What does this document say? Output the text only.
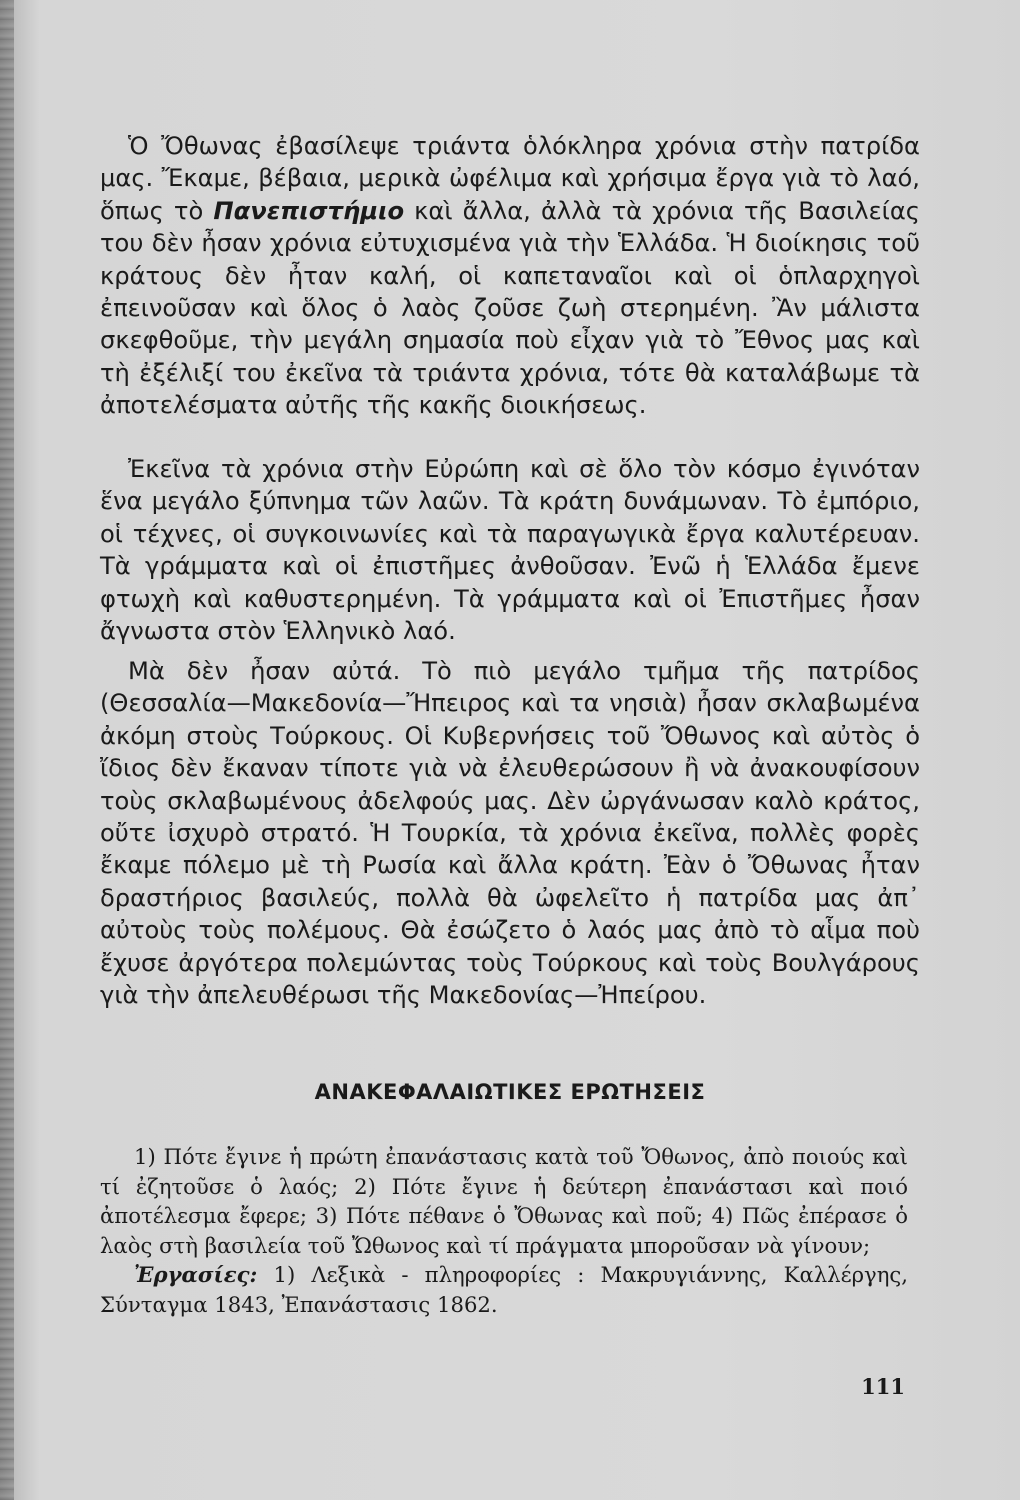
Ὁ Ὄθωνας ἐβασίλεψε τριάντα ὁλόκληρα χρόνια στὴν πατρίδα μας. Ἔκαμε, βέβαια, μερικὰ ὠφέλιμα καὶ χρήσιμα ἔργα γιὰ τὸ λαό, ὅπως τὸ Πανεπιστήμιο καὶ ἄλλα, ἀλλὰ τὰ χρόνια τῆς Βασιλείας του δὲν ἦσαν χρόνια εὐτυχισμένα γιὰ τὴν Ἑλλάδα. Ἡ διοίκησις τοῦ κράτους δὲν ἦταν καλή, οἱ καπεταναῖοι καὶ οἱ ὁπλαρχηγοὶ ἐπεινοῦσαν καὶ ὅλος ὁ λαὸς ζοῦσε ζωὴ στερημένη. Ἂν μάλιστα σκεφθοῦμε, τὴν μεγάλη σημασία ποὺ εἶχαν γιὰ τὸ Ἔθνος μας καὶ τὴ ἐξέλιξί του ἐκεῖνα τὰ τριάντα χρόνια, τότε θὰ καταλάβωμε τὰ ἀποτελέσματα αὐτῆς τῆς κακῆς διοικήσεως.

Ἐκεῖνα τὰ χρόνια στὴν Εὐρώπη καὶ σὲ ὅλο τὸν κόσμο ἐγινόταν ἕνα μεγάλο ξύπνημα τῶν λαῶν. Τὰ κράτη δυνάμωναν. Τὸ ἐμπόριο, οἱ τέχνες, οἱ συγκοινωνίες καὶ τὰ παραγωγικὰ ἔργα καλυτέρευαν. Τὰ γράμματα καὶ οἱ ἐπιστῆμες ἀνθοῦσαν. Ἐνῶ ἡ Ἑλλάδα ἔμενε φτωχὴ καὶ καθυστερημένη. Τὰ γράμματα καὶ οἱ Ἐπιστῆμες ἦσαν ἄγνωστα στὸν Ἑλληνικὸ λαό.

Μὰ δὲν ἦσαν αὐτά. Τὸ πιὸ μεγάλο τμῆμα τῆς πατρίδος (Θεσσαλία—Μακεδονία—Ἤπειρος καὶ τα νησιὰ) ἦσαν σκλαβωμένα ἀκόμη στοὺς Τούρκους. Οἱ Κυβερνήσεις τοῦ Ὄθωνος καὶ αὐτὸς ὁ ἴδιος δὲν ἔκαναν τίποτε γιὰ νὰ ἐλευθερώσουν ἢ νὰ ἀνακουφίσουν τοὺς σκλαβωμένους ἀδελφούς μας. Δὲν ὠργάνωσαν καλὸ κράτος, οὔτε ἰσχυρὸ στρατό. Ἡ Τουρκία, τὰ χρόνια ἐκεῖνα, πολλὲς φορὲς ἔκαμε πόλεμο μὲ τὴ Ρωσία καὶ ἄλλα κράτη. Ἐὰν ὁ Ὄθωνας ἦταν δραστήριος βασιλεύς, πολλὰ θὰ ὠφελεῖτο ἡ πατρίδα μας ἀπ᾿ αὐτοὺς τοὺς πολέμους. Θὰ ἐσώζετο ὁ λαός μας ἀπὸ τὸ αἷμα ποὺ ἔχυσε ἀργότερα πολεμώντας τοὺς Τούρκους καὶ τοὺς Βουλγάρους γιὰ τὴν ἀπελευθέρωσι τῆς Μακεδονίας—Ἠπείρου.

ΑΝΑΚΕΦΑΛΑΙΩΤΙΚΕΣ ΕΡΩΤΗΣΕΙΣ

1) Πότε ἔγινε ἡ πρώτη ἐπανάστασις κατὰ τοῦ Ὄθωνος, ἀπὸ ποιούς καὶ τί ἐζητοῦσε ὁ λαός; 2) Πότε ἔγινε ἡ δεύτερη ἐπανάστασι καὶ ποιό ἀποτέλεσμα ἔφερε; 3) Πότε πέθανε ὁ Ὄθωνας καὶ ποῦ; 4) Πῶς ἐπέρασε ὁ λαὸς στὴ βασιλεία τοῦ Ὤθωνος καὶ τί πράγματα μποροῦσαν νὰ γίνουν;

Ἐργασίες: 1) Λεξικὰ - πληροφορίες : Μακρυγιάννης, Καλλέργης, Σύνταγμα 1843, Ἐπανάστασις 1862.

111
